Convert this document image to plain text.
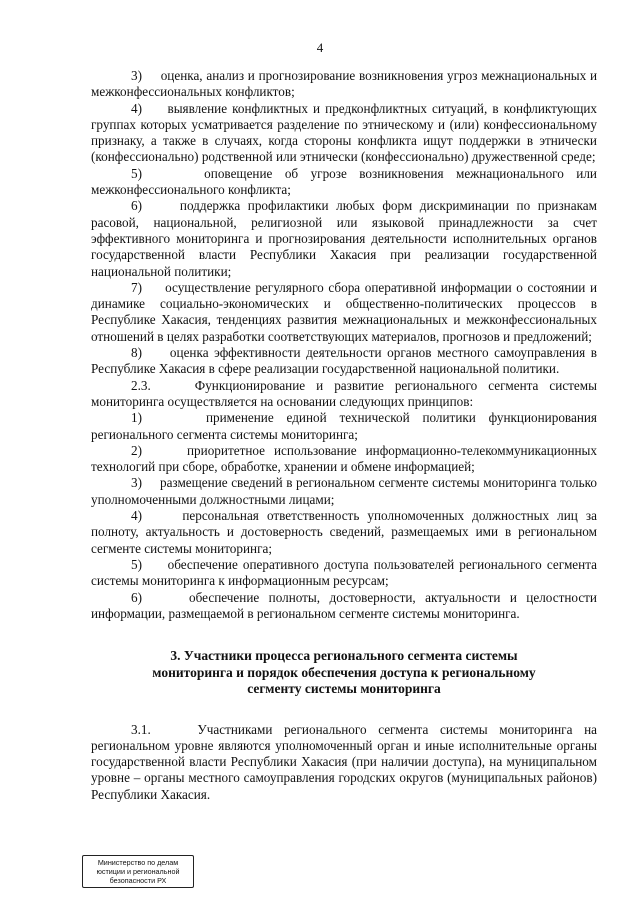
4

3) оценка, анализ и прогнозирование возникновения угроз межнациональных и межконфессиональных конфликтов;

4) выявление конфликтных и предконфликтных ситуаций, в конфликтующих группах которых усматривается разделение по этническому и (или) конфессиональному признаку, а также в случаях, когда стороны конфликта ищут поддержки в этнически (конфессионально) родственной или этнически (конфессионально) дружественной среде;

5)	оповещение об угрозе возникновения межнационального или межконфессионального конфликта;

6)	поддержка профилактики любых форм дискриминации по признакам расовой, национальной, религиозной или языковой принадлежности за счет эффективного мониторинга и прогнозирования деятельности исполнительных органов государственной власти Республики Хакасия при реализации государственной национальной политики;

7) осуществление регулярного сбора оперативной информации о состоянии и динамике социально-экономических и общественно-политических процессов в Республике Хакасия, тенденциях развития межнациональных и межконфессиональных отношений в целях разработки соответствующих материалов, прогнозов и предложений;

8) оценка эффективности деятельности органов местного самоуправления в Республике Хакасия в сфере реализации государственной национальной политики.

2.3.	Функционирование и развитие регионального сегмента системы мониторинга осуществляется на основании следующих принципов:

1)	применение единой технической политики функционирования регионального сегмента системы мониторинга;

2)	приоритетное использование информационно-телекоммуникационных технологий при сборе, обработке, хранении и обмене информацией;

3) размещение сведений в региональном сегменте системы мониторинга только уполномоченными должностными лицами;

4)	персональная ответственность уполномоченных должностных лиц за полноту, актуальность и достоверность сведений, размещаемых ими в региональном сегменте системы мониторинга;

5) обеспечение оперативного доступа пользователей регионального сегмента системы мониторинга к информационным ресурсам;

6)	обеспечение полноты, достоверности, актуальности и целостности информации, размещаемой в региональном сегменте системы мониторинга.

3. Участники процесса регионального сегмента системы
мониторинга и порядок обеспечения доступа к региональному
сегменту системы мониторинга

3.1.	Участниками регионального сегмента системы мониторинга на региональном уровне являются уполномоченный орган и иные исполнительные органы государственной власти Республики Хакасия (при наличии доступа), на муниципальном уровне – органы местного самоуправления городских округов (муниципальных районов) Республики Хакасия.

Министерство по делам
юстиции и региональной
безопасности РХ
